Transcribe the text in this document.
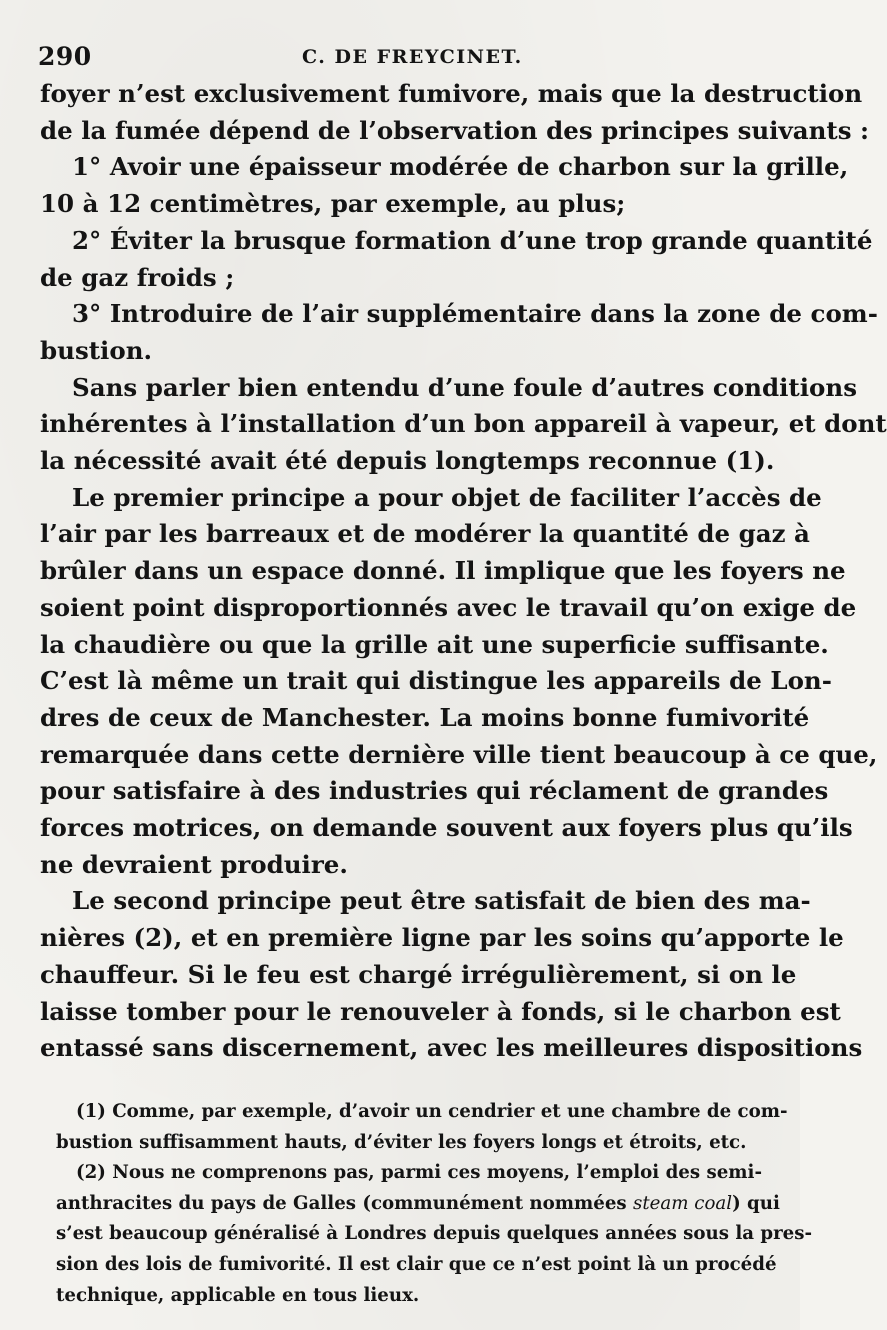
290	C. DE FREYCINET.
foyer n’est exclusivement fumivore, mais que la destruction
de la fumée dépend de l’observation des principes suivants :
1° Avoir une épaisseur modérée de charbon sur la grille,
10 à 12 centimètres, par exemple, au plus;
2° Éviter la brusque formation d’une trop grande quantité
de gaz froids ;
3° Introduire de l’air supplémentaire dans la zone de com-
bustion.
Sans parler bien entendu d’une foule d’autres conditions
inhérentes à l’installation d’un bon appareil à vapeur, et dont
la nécessité avait été depuis longtemps reconnue (1).
Le premier principe a pour objet de faciliter l’accès de
l’air par les barreaux et de modérer la quantité de gaz à
brûler dans un espace donné. Il implique que les foyers ne
soient point disproportionnés avec le travail qu’on exige de
la chaudière ou que la grille ait une superficie suffisante.
C’est là même un trait qui distingue les appareils de Lon-
dres de ceux de Manchester. La moins bonne fumivorité
remarquée dans cette dernière ville tient beaucoup à ce que,
pour satisfaire à des industries qui réclament de grandes
forces motrices, on demande souvent aux foyers plus qu’ils
ne devraient produire.
Le second principe peut être satisfait de bien des ma-
nières (2), et en première ligne par les soins qu’apporte le
chauffeur. Si le feu est chargé irrégulièrement, si on le
laisse tomber pour le renouveler à fonds, si le charbon est
entassé sans discernement, avec les meilleures dispositions
(1) Comme, par exemple, d’avoir un cendrier et une chambre de com-
bustion suffisamment hauts, d’éviter les foyers longs et étroits, etc.
(2) Nous ne comprenons pas, parmi ces moyens, l’emploi des semi-
anthracites du pays de Galles (communément nommées steam coal) qui
s’est beaucoup généralisé à Londres depuis quelques années sous la pres-
sion des lois de fumivorité. Il est clair que ce n’est point là un procédé
technique, applicable en tous lieux.
